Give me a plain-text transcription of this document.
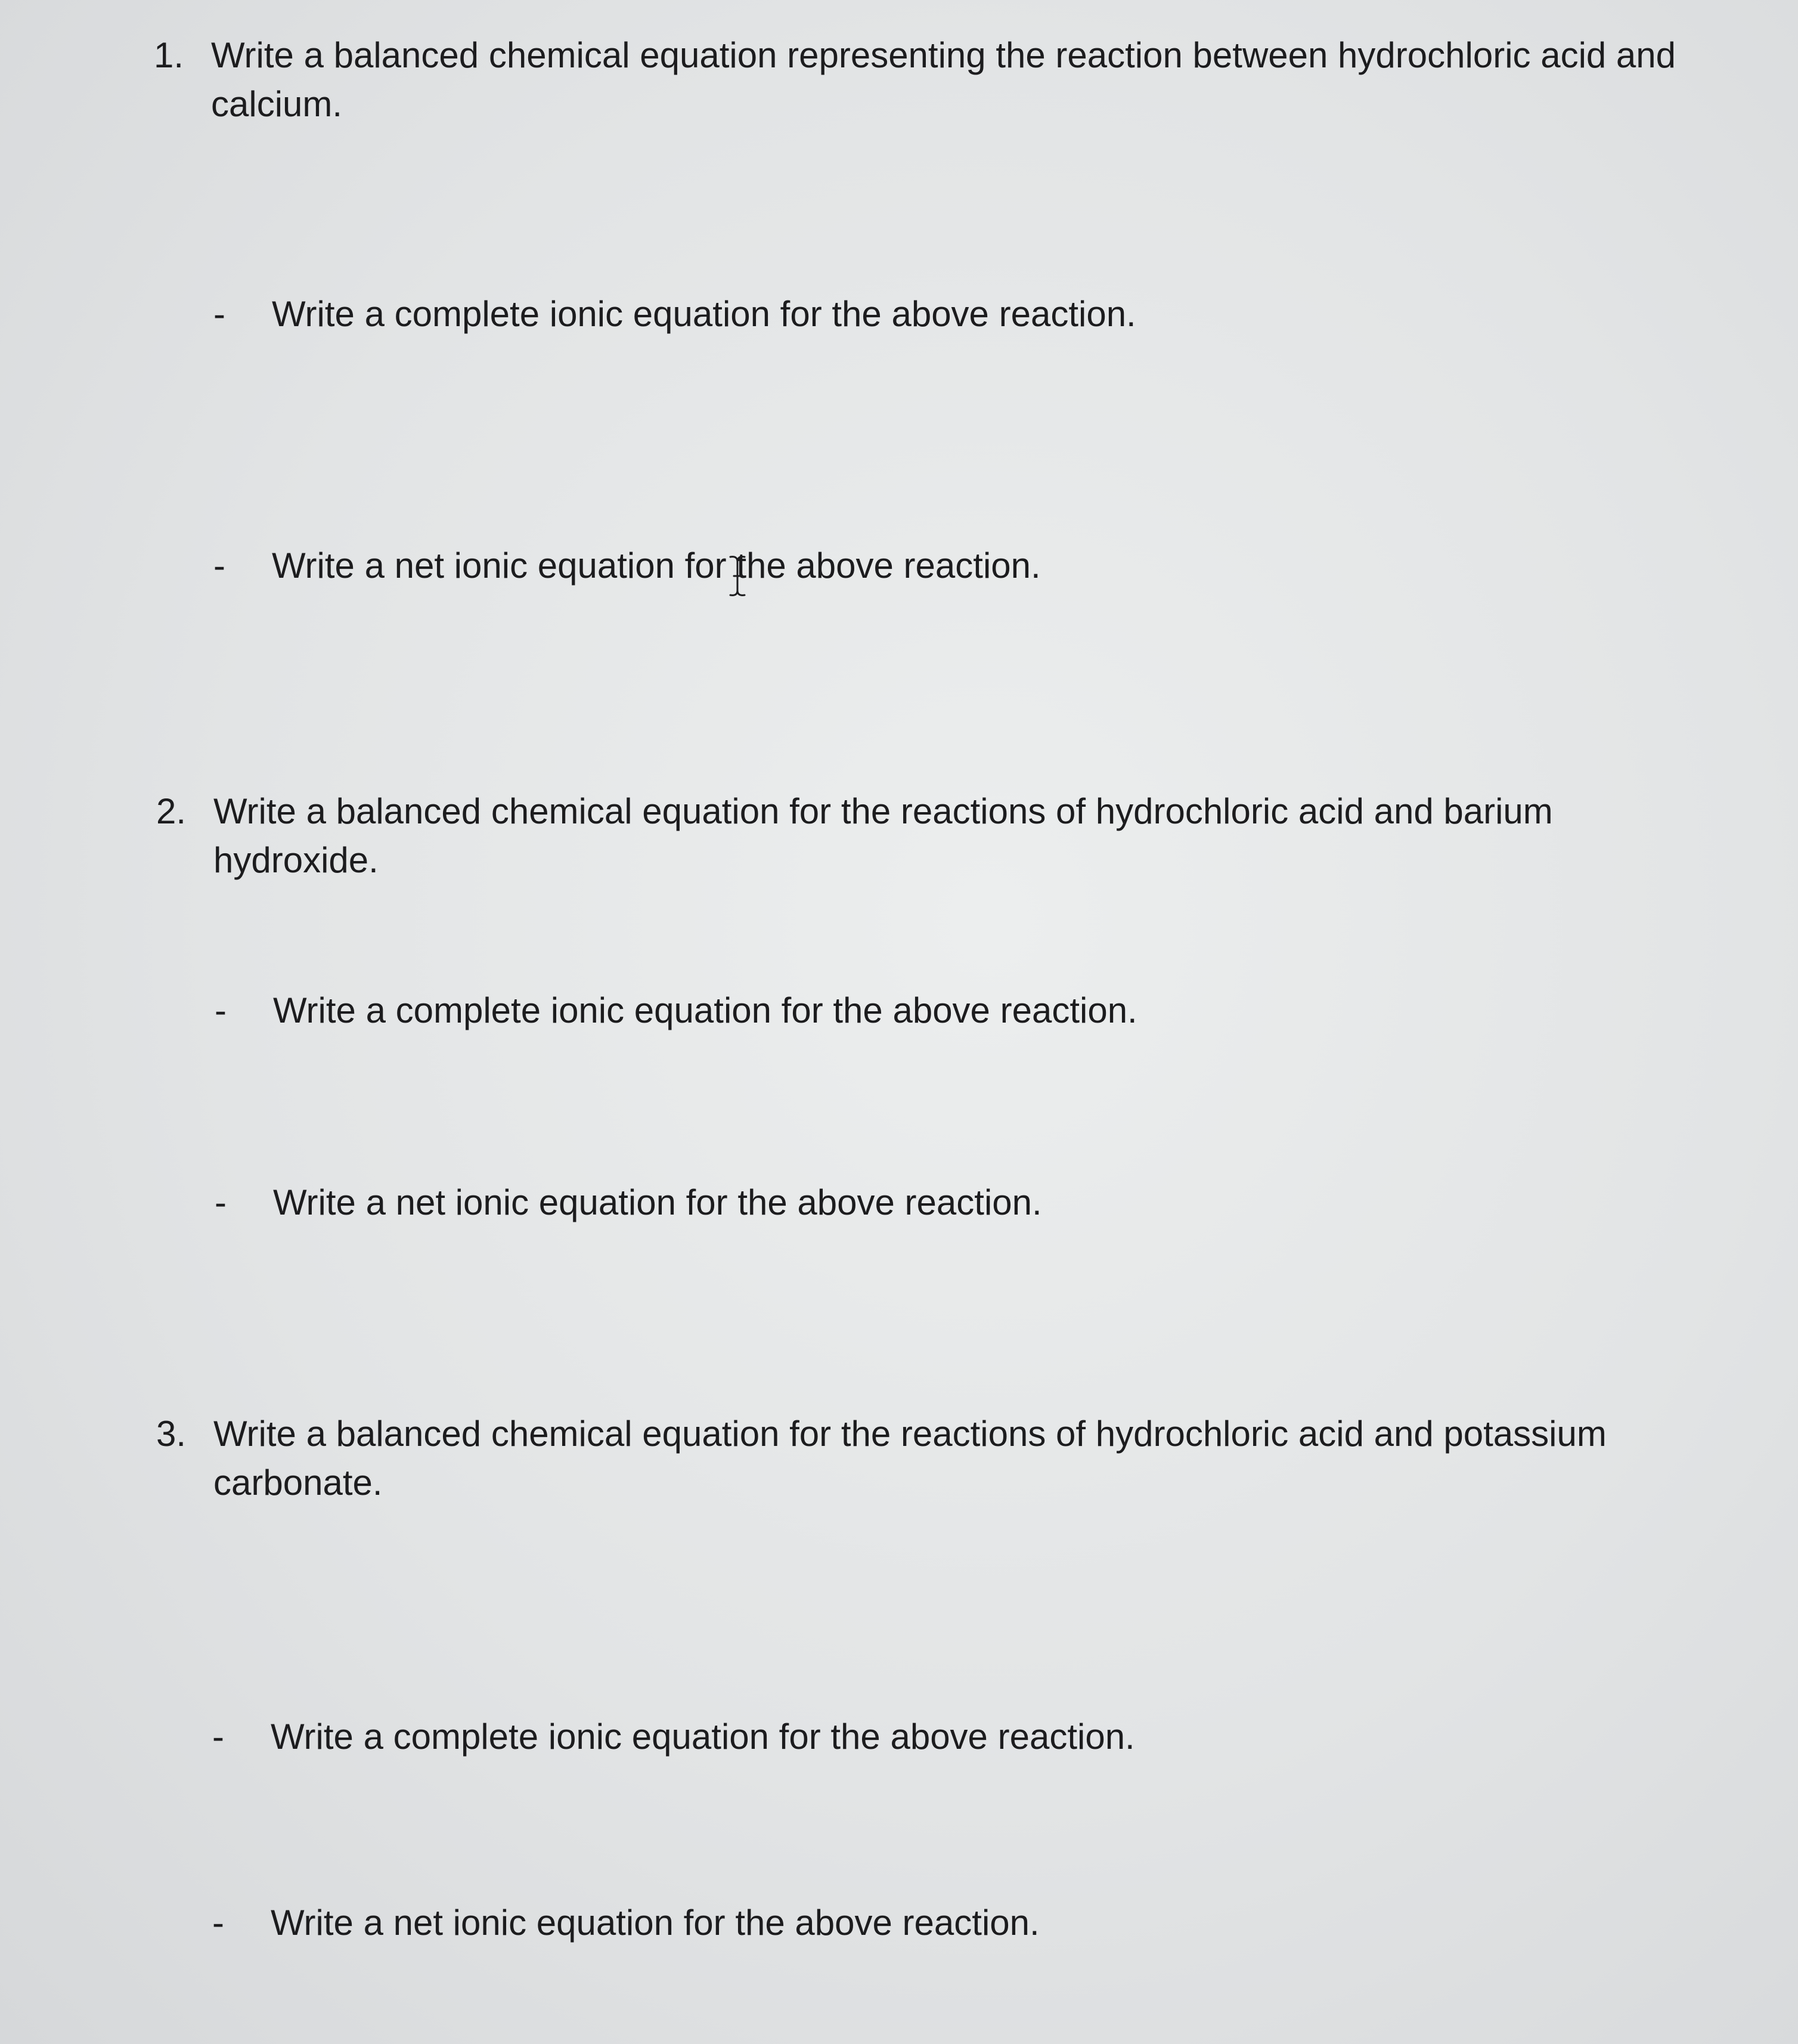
1. Write a balanced chemical equation representing the reaction between hydrochloric acid and calcium.
- Write a complete ionic equation for the above reaction.
- Write a net ionic equation for the above reaction.
2. Write a balanced chemical equation for the reactions of hydrochloric acid and barium hydroxide.
- Write a complete ionic equation for the above reaction.
- Write a net ionic equation for the above reaction.
3. Write a balanced chemical equation for the reactions of hydrochloric acid and potassium carbonate.
- Write a complete ionic equation for the above reaction.
- Write a net ionic equation for the above reaction.
